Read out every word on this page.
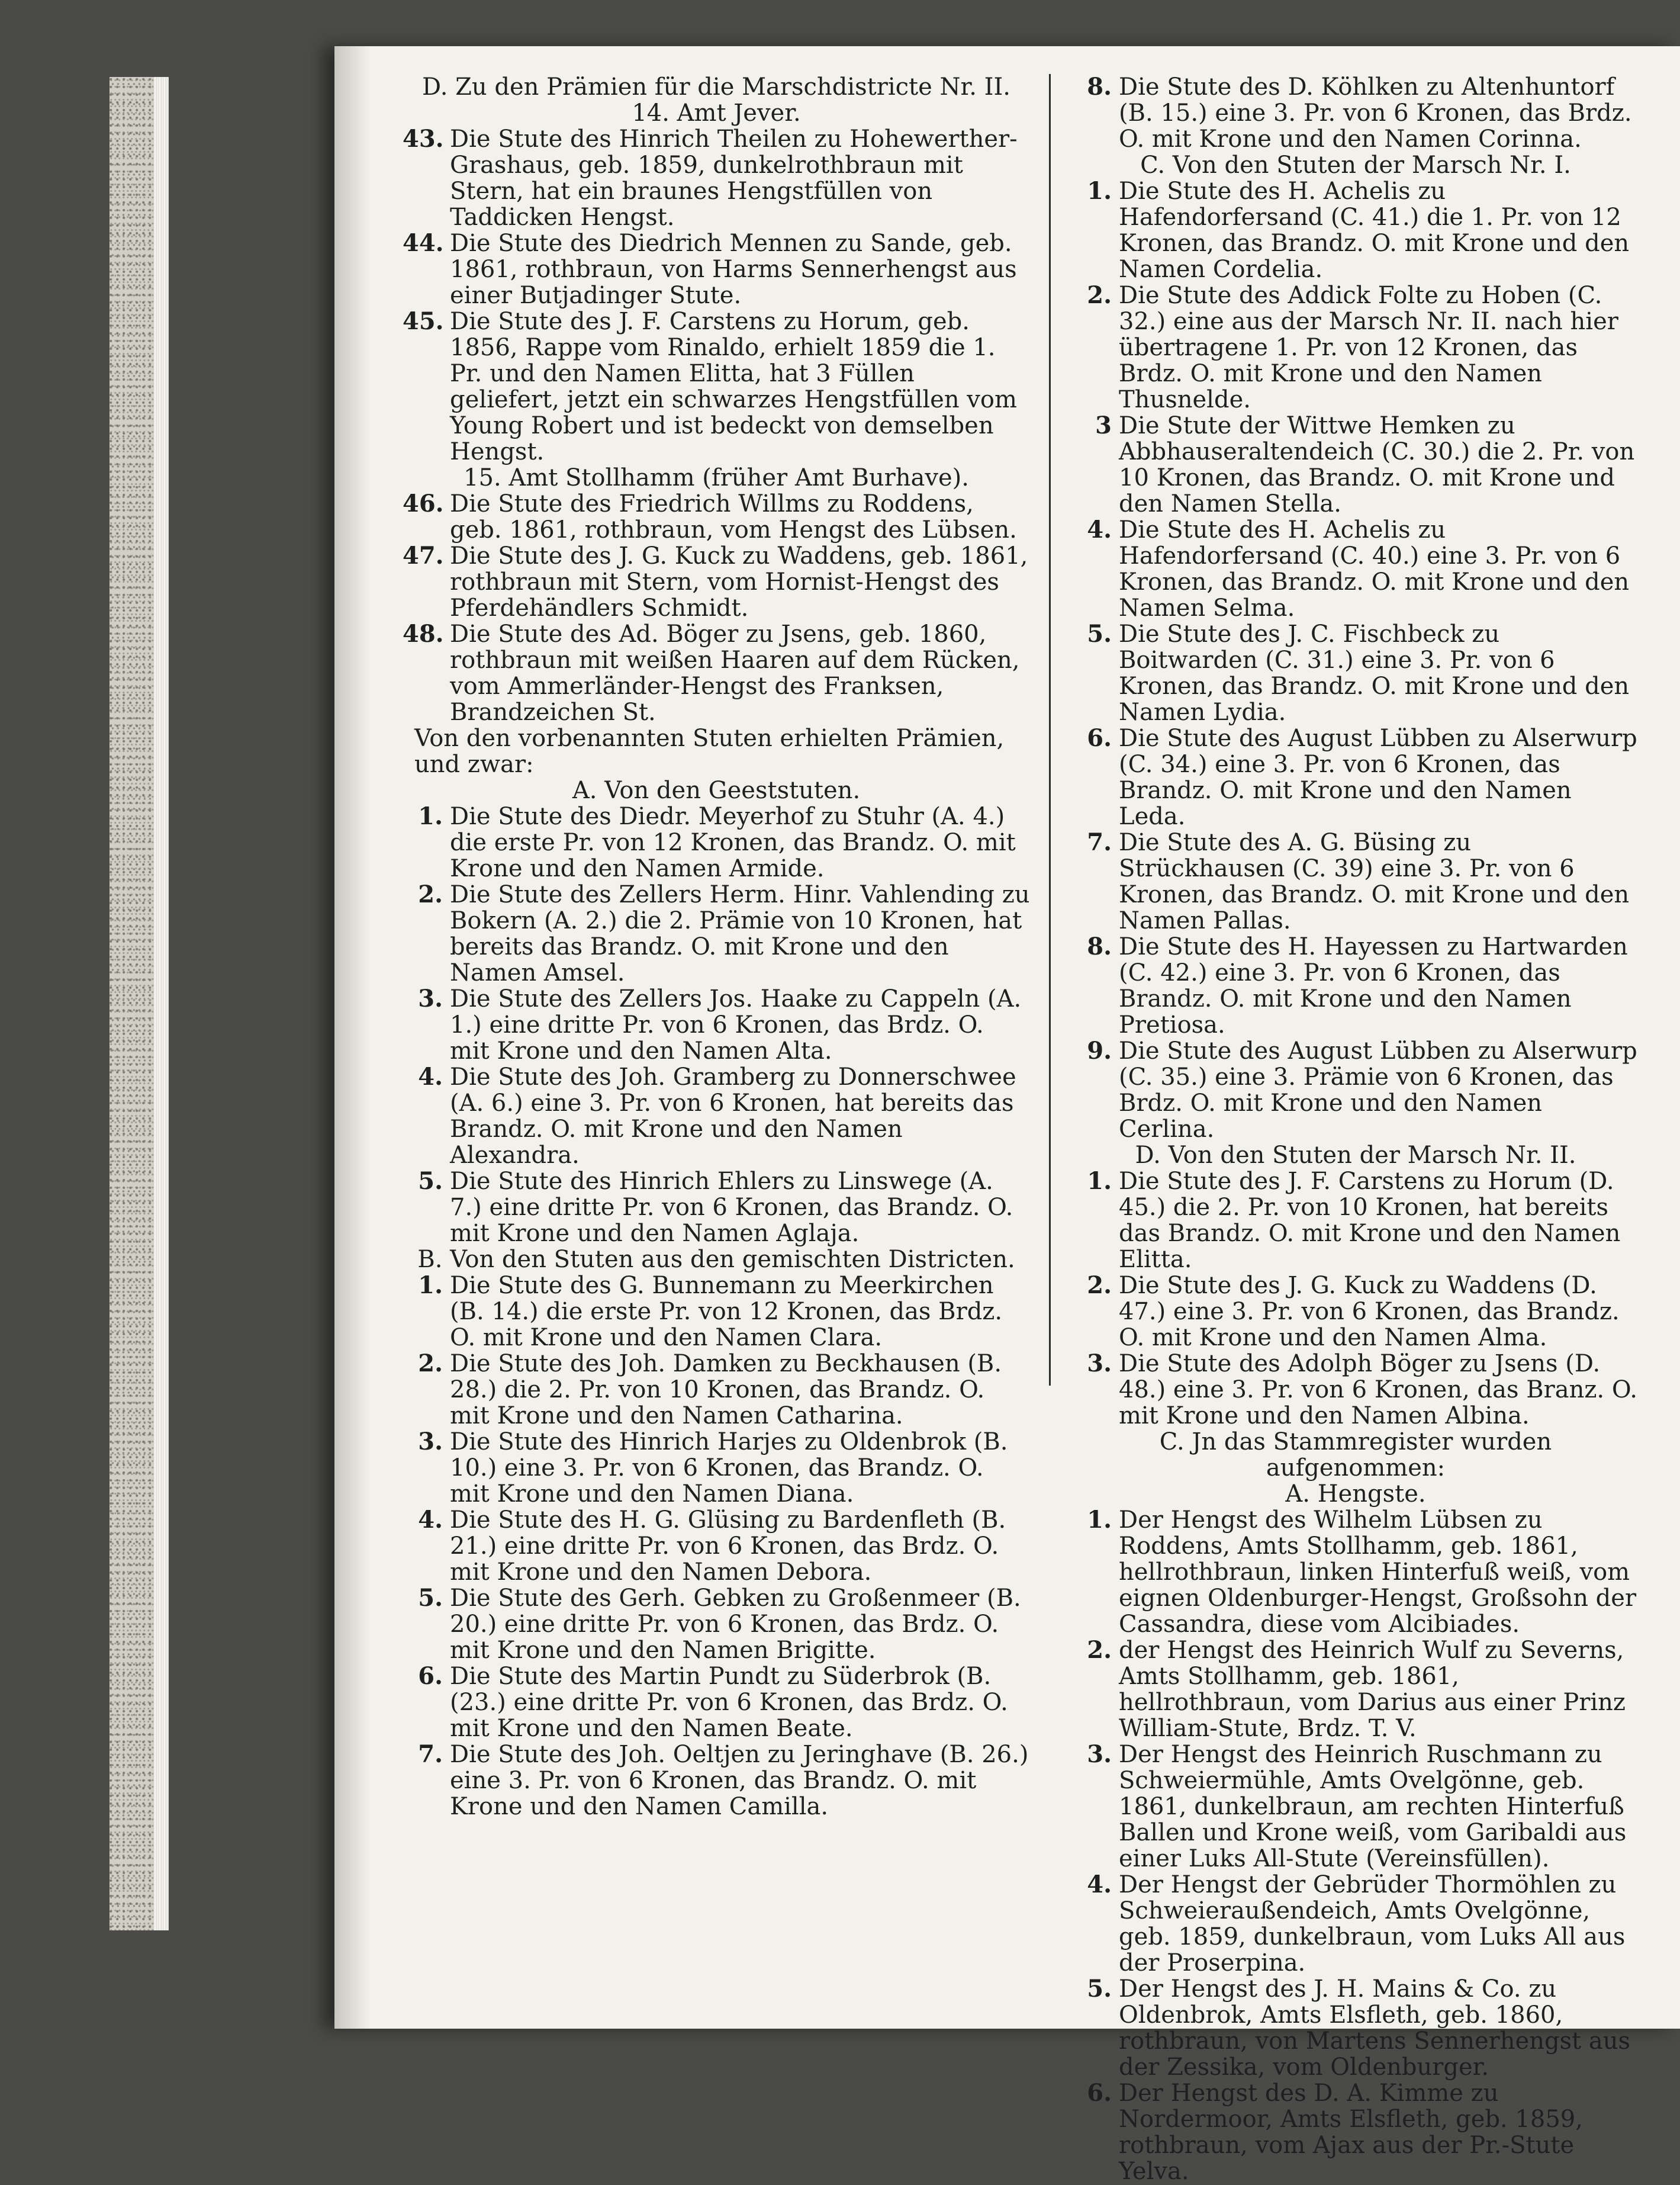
D. Zu den Prämien für die Marschdistricte Nr. II.
14. Amt Jever.
43. Die Stute des Hinrich Theilen zu Hohewerther-Grashaus, geb. 1859, dunkelrothbraun mit Stern, hat ein braunes Hengstfüllen von Taddicken Hengst.
44. Die Stute des Diedrich Mennen zu Sande, geb. 1861, rothbraun, von Harms Sennerhengst aus einer Butjadinger Stute.
45. Die Stute des J. F. Carstens zu Horum, geb. 1856, Rappe vom Rinaldo, erhielt 1859 die 1. Pr. und den Namen Elitta, hat 3 Füllen geliefert, jetzt ein schwarzes Hengstfüllen vom Young Robert und ist bedeckt von demselben Hengst.
15. Amt Stollhamm (früher Amt Burhave).
46. Die Stute des Friedrich Willms zu Roddens, geb. 1861, rothbraun, vom Hengst des Lübsen.
47. Die Stute des J. G. Kuck zu Waddens, geb. 1861, rothbraun mit Stern, vom Hornist-Hengst des Pferdehändlers Schmidt.
48. Die Stute des Ad. Böger zu Jsens, geb. 1860, rothbraun mit weißen Haaren auf dem Rücken, vom Ammerländer-Hengst des Franksen, Brandzeichen St.
Von den vorbenannten Stuten erhielten Prämien, und zwar:
A. Von den Geeststuten.
1. Die Stute des Diedr. Meyerhof zu Stuhr (A. 4.) die erste Pr. von 12 Kronen, das Brandz. O. mit Krone und den Namen Armide.
2. Die Stute des Zellers Herm. Hinr. Vahlending zu Bokern (A. 2.) die 2. Prämie von 10 Kronen, hat bereits das Brandz. O. mit Krone und den Namen Amsel.
3. Die Stute des Zellers Jos. Haake zu Cappeln (A. 1.) eine dritte Pr. von 6 Kronen, das Brdz. O. mit Krone und den Namen Alta.
4. Die Stute des Joh. Gramberg zu Donnerschwee (A. 6.) eine 3. Pr. von 6 Kronen, hat bereits das Brandz. O. mit Krone und den Namen Alexandra.
5. Die Stute des Hinrich Ehlers zu Linswege (A. 7.) eine dritte Pr. von 6 Kronen, das Brandz. O. mit Krone und den Namen Aglaja.
B. Von den Stuten aus den gemischten Districten.
1. Die Stute des G. Bunnemann zu Meerkirchen (B. 14.) die erste Pr. von 12 Kronen, das Brdz. O. mit Krone und den Namen Clara.
2. Die Stute des Joh. Damken zu Beckhausen (B. 28.) die 2. Pr. von 10 Kronen, das Brandz. O. mit Krone und den Namen Catharina.
3. Die Stute des Hinrich Harjes zu Oldenbrok (B. 10.) eine 3. Pr. von 6 Kronen, das Brandz. O. mit Krone und den Namen Diana.
4. Die Stute des H. G. Glüsing zu Bardenfleth (B. 21.) eine dritte Pr. von 6 Kronen, das Brdz. O. mit Krone und den Namen Debora.
5. Die Stute des Gerh. Gebken zu Großenmeer (B. 20.) eine dritte Pr. von 6 Kronen, das Brdz. O. mit Krone und den Namen Brigitte.
6. Die Stute des Martin Pundt zu Süderbrok (B. (23.) eine dritte Pr. von 6 Kronen, das Brdz. O. mit Krone und den Namen Beate.
7. Die Stute des Joh. Oeltjen zu Jeringhave (B. 26.) eine 3. Pr. von 6 Kronen, das Brandz. O. mit Krone und den Namen Camilla.
8. Die Stute des D. Köhlken zu Altenhuntorf (B. 15.) eine 3. Pr. von 6 Kronen, das Brdz. O. mit Krone und den Namen Corinna.
C. Von den Stuten der Marsch Nr. I.
1. Die Stute des H. Achelis zu Hafendorfersand (C. 41.) die 1. Pr. von 12 Kronen, das Brandz. O. mit Krone und den Namen Cordelia.
2. Die Stute des Addick Folte zu Hoben (C. 32.) eine aus der Marsch Nr. II. nach hier übertragene 1. Pr. von 12 Kronen, das Brdz. O. mit Krone und den Namen Thusnelde.
3 Die Stute der Wittwe Hemken zu Abbhauseraltendeich (C. 30.) die 2. Pr. von 10 Kronen, das Brandz. O. mit Krone und den Namen Stella.
4. Die Stute des H. Achelis zu Hafendorfersand (C. 40.) eine 3. Pr. von 6 Kronen, das Brandz. O. mit Krone und den Namen Selma.
5. Die Stute des J. C. Fischbeck zu Boitwarden (C. 31.) eine 3. Pr. von 6 Kronen, das Brandz. O. mit Krone und den Namen Lydia.
6. Die Stute des August Lübben zu Alserwurp (C. 34.) eine 3. Pr. von 6 Kronen, das Brandz. O. mit Krone und den Namen Leda.
7. Die Stute des A. G. Büsing zu Strückhausen (C. 39) eine 3. Pr. von 6 Kronen, das Brandz. O. mit Krone und den Namen Pallas.
8. Die Stute des H. Hayessen zu Hartwarden (C. 42.) eine 3. Pr. von 6 Kronen, das Brandz. O. mit Krone und den Namen Pretiosa.
9. Die Stute des August Lübben zu Alserwurp (C. 35.) eine 3. Prämie von 6 Kronen, das Brdz. O. mit Krone und den Namen Cerlina.
D. Von den Stuten der Marsch Nr. II.
1. Die Stute des J. F. Carstens zu Horum (D. 45.) die 2. Pr. von 10 Kronen, hat bereits das Brandz. O. mit Krone und den Namen Elitta.
2. Die Stute des J. G. Kuck zu Waddens (D. 47.) eine 3. Pr. von 6 Kronen, das Brandz. O. mit Krone und den Namen Alma.
3. Die Stute des Adolph Böger zu Jsens (D. 48.) eine 3. Pr. von 6 Kronen, das Branz. O. mit Krone und den Namen Albina.
C. Jn das Stammregister wurden aufgenommen:
A. Hengste.
1. Der Hengst des Wilhelm Lübsen zu Roddens, Amts Stollhamm, geb. 1861, hellrothbraun, linken Hinterfuß weiß, vom eignen Oldenburger-Hengst, Großsohn der Cassandra, diese vom Alcibiades.
2. der Hengst des Heinrich Wulf zu Severns, Amts Stollhamm, geb. 1861, hellrothbraun, vom Darius aus einer Prinz William-Stute, Brdz. T. V.
3. Der Hengst des Heinrich Ruschmann zu Schweiermühle, Amts Ovelgönne, geb. 1861, dunkelbraun, am rechten Hinterfuß Ballen und Krone weiß, vom Garibaldi aus einer Luks All-Stute (Vereinsfüllen).
4. Der Hengst der Gebrüder Thormöhlen zu Schweieraußendeich, Amts Ovelgönne, geb. 1859, dunkelbraun, vom Luks All aus der Proserpina.
5. Der Hengst des J. H. Mains & Co. zu Oldenbrok, Amts Elsfleth, geb. 1860, rothbraun, von Martens Sennerhengst aus der Zessika, vom Oldenburger.
6. Der Hengst des D. A. Kimme zu Nordermoor, Amts Elsfleth, geb. 1859, rothbraun, vom Ajax aus der Pr.-Stute Yelva.
